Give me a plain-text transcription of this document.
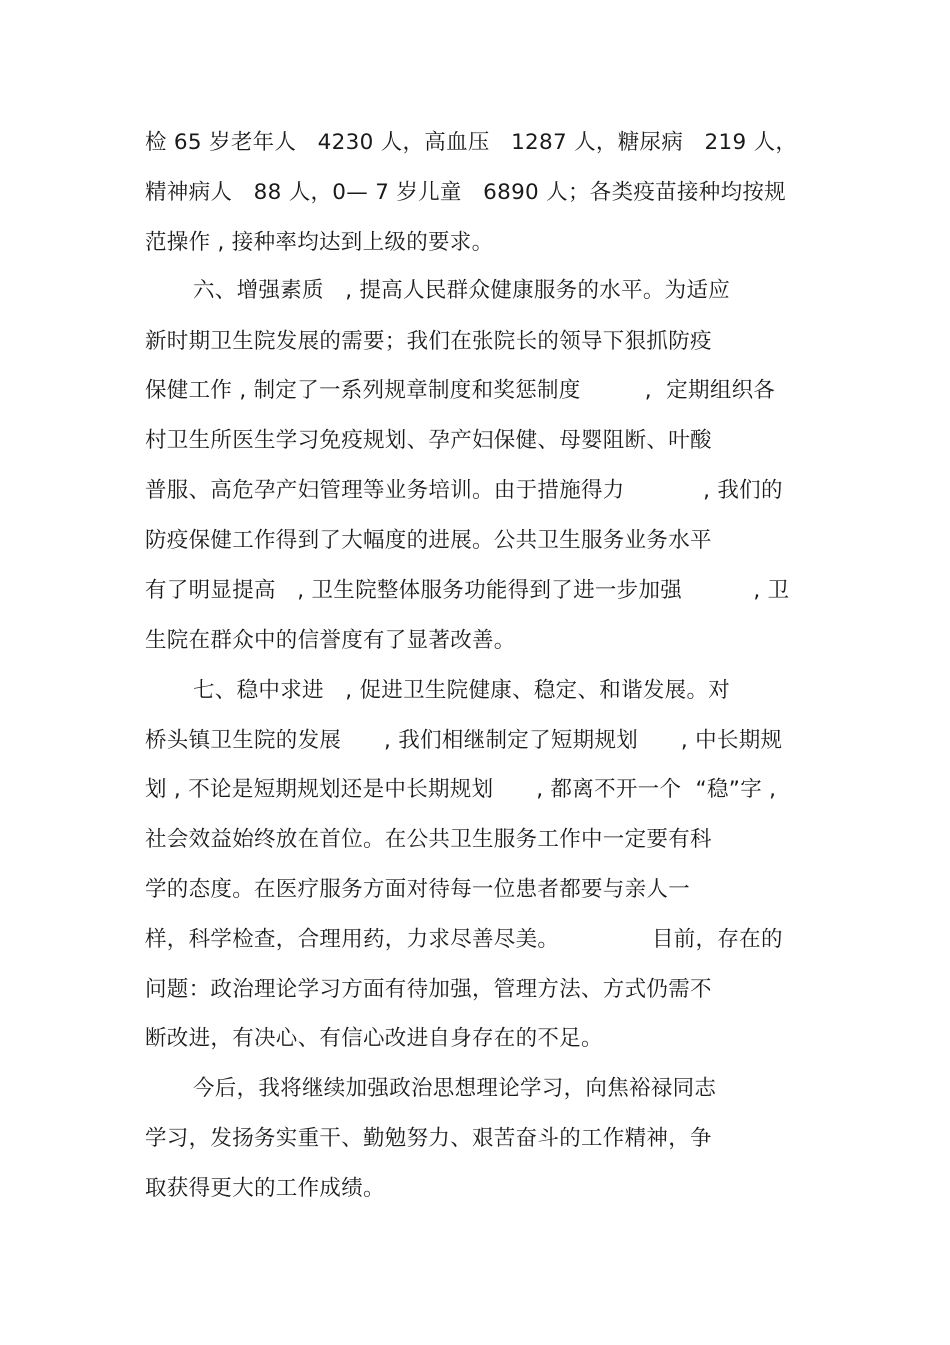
检 65 岁老年人   4230 人，高血压   1287 人，糖尿病   219 人，
精神病人   88 人，0— 7 岁儿童   6890 人；各类疫苗接种均按规
范操作 , 接种率均达到上级的要求。
六、增强素质   , 提高人民群众健康服务的水平。为适应
新时期卫生院发展的需要；我们在张院长的领导下狠抓防疫
保健工作 , 制定了一系列规章制度和奖惩制度         ,  定期组织各
村卫生所医生学习免疫规划、孕产妇保健、母婴阻断、叶酸
普服、高危孕产妇管理等业务培训。由于措施得力           , 我们的
防疫保健工作得到了大幅度的进展。公共卫生服务业务水平
有了明显提高   , 卫生院整体服务功能得到了进一步加强          , 卫
生院在群众中的信誉度有了显著改善。
七、稳中求进   , 促进卫生院健康、稳定、和谐发展。对
桥头镇卫生院的发展      , 我们相继制定了短期规划      , 中长期规
划 , 不论是短期规划还是中长期规划      , 都离不开一个  “稳”字 ,
社会效益始终放在首位。在公共卫生服务工作中一定要有科
学的态度。在医疗服务方面对待每一位患者都要与亲人一
样，科学检查，合理用药，力求尽善尽美。             目前，存在的
问题：政治理论学习方面有待加强，管理方法、方式仍需不
断改进，有决心、有信心改进自身存在的不足。
今后，我将继续加强政治思想理论学习，向焦裕禄同志
学习，发扬务实重干、勤勉努力、艰苦奋斗的工作精神，争
取获得更大的工作成绩。
